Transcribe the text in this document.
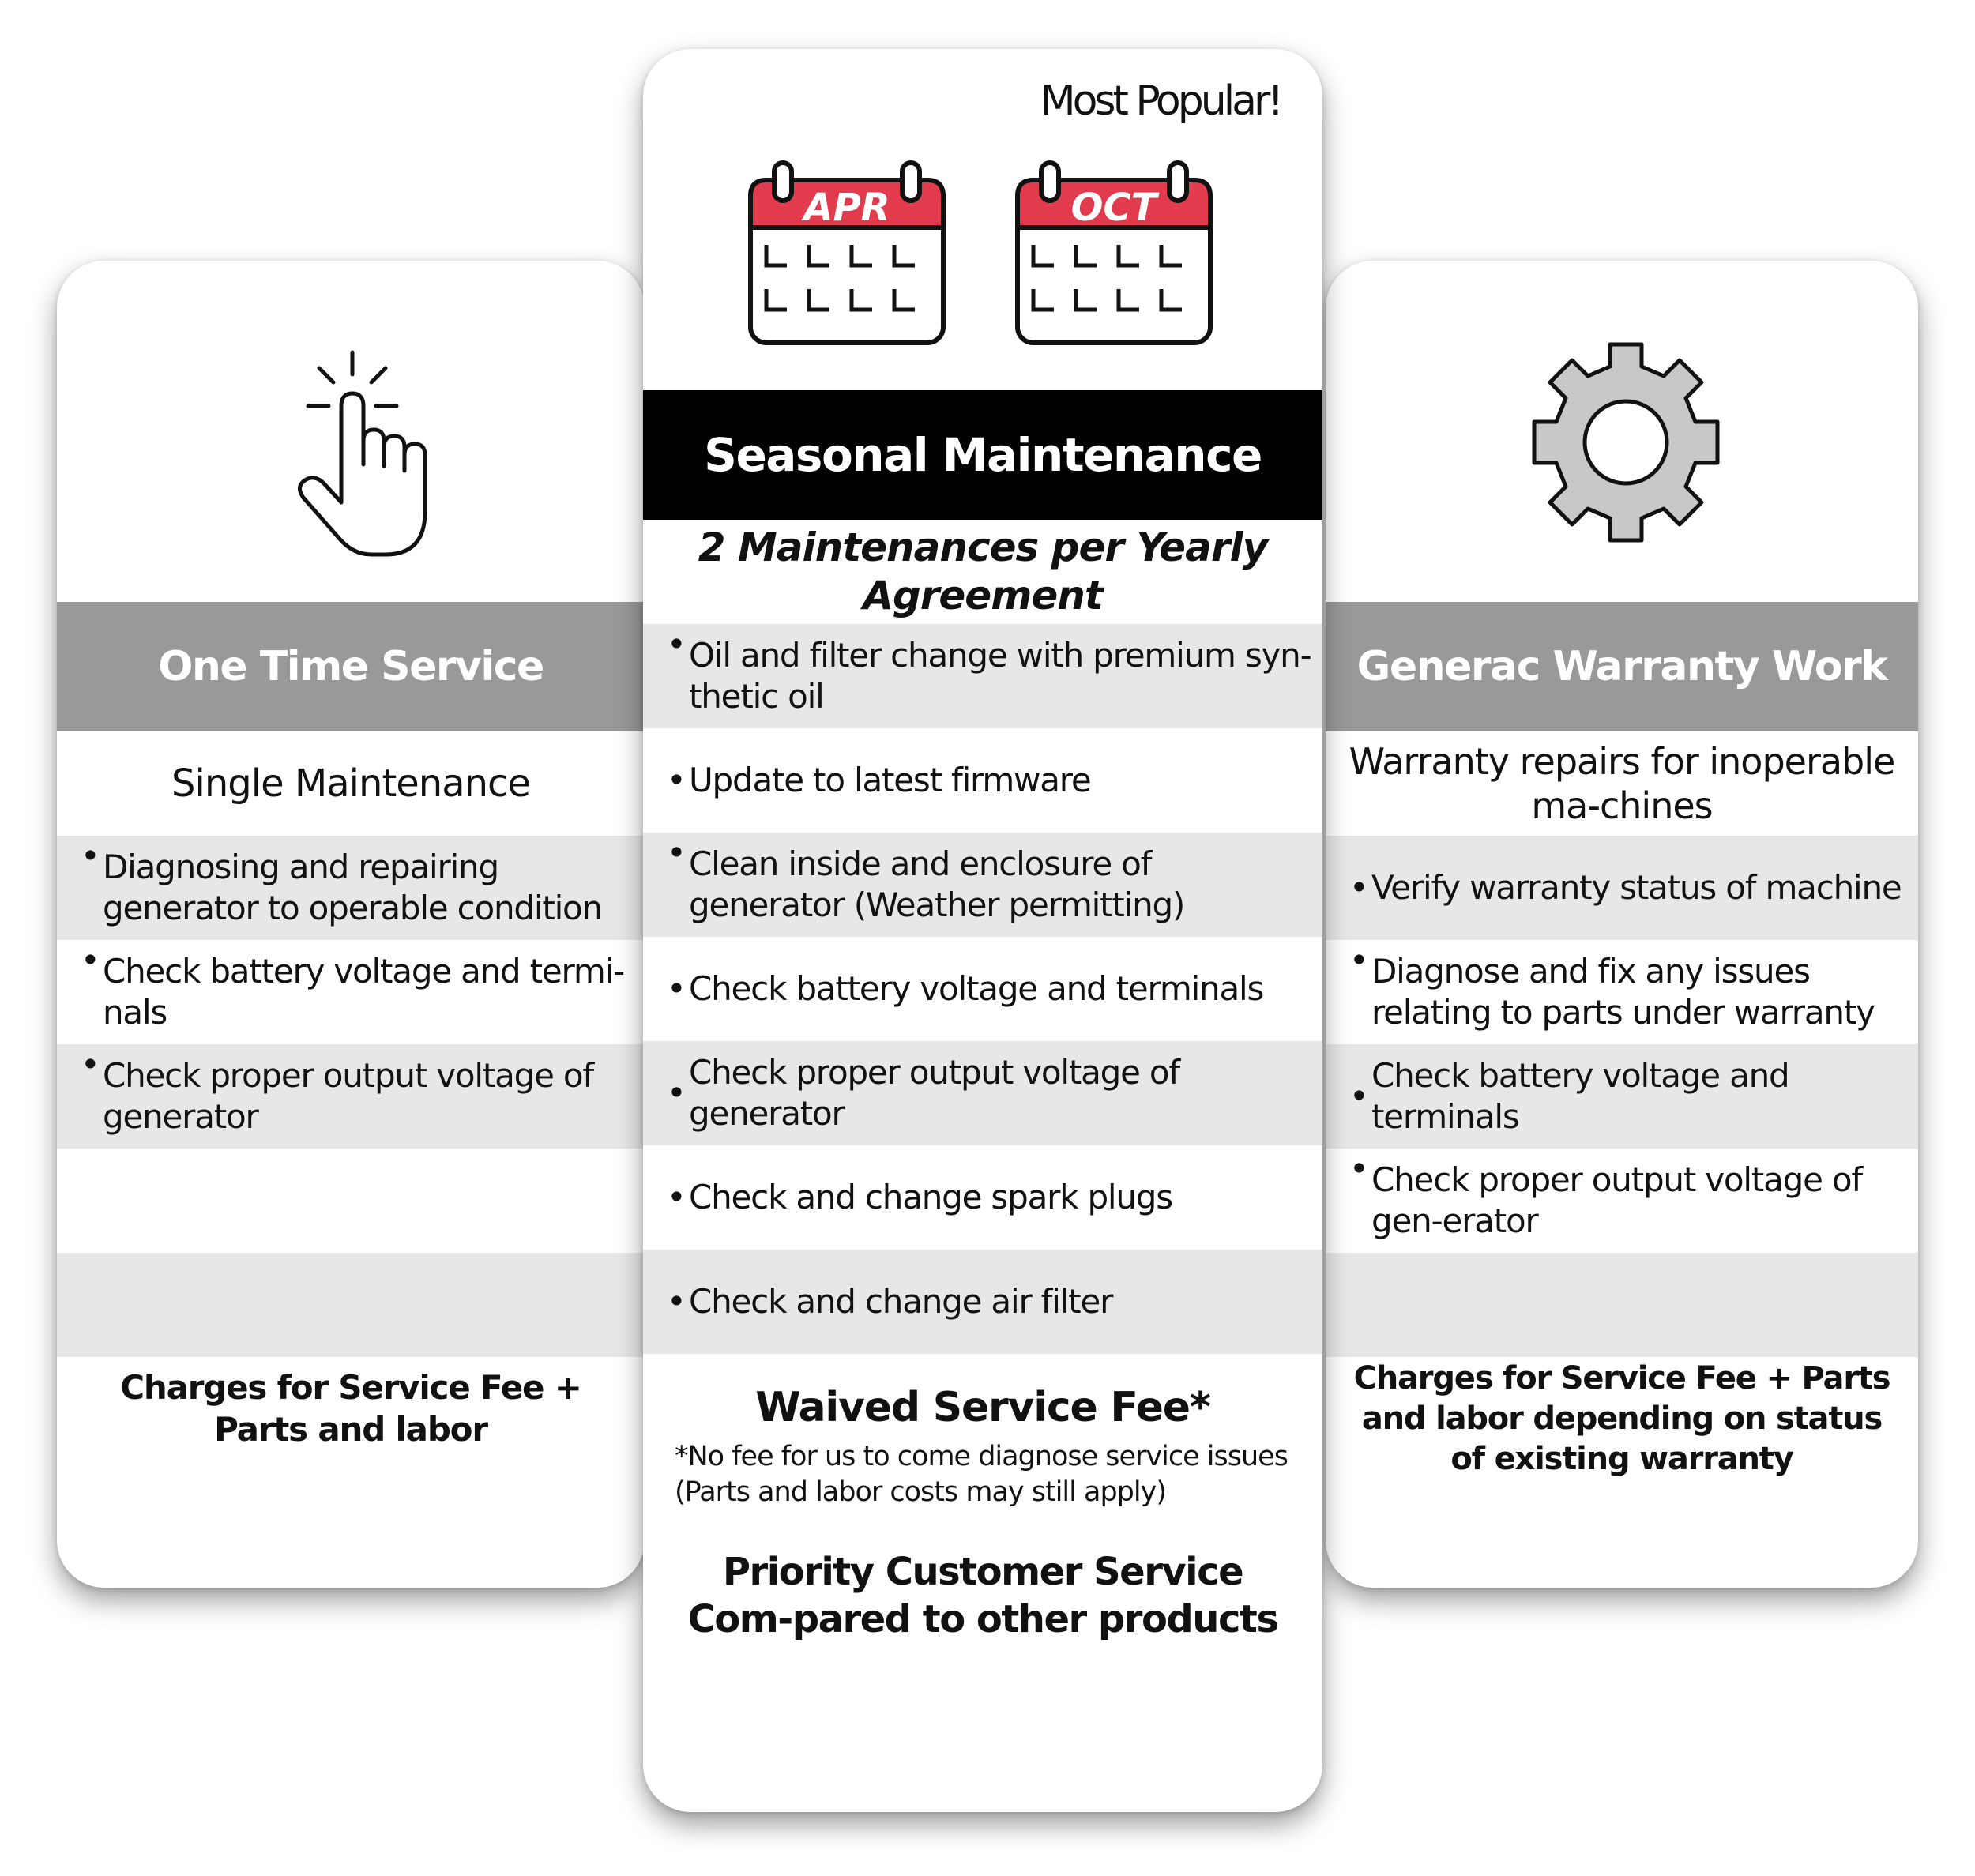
One Time Service
Single Maintenance
• Diagnosing and repairing generator to operable condition
• Check battery voltage and termi-nals
• Check proper output voltage of generator
Charges for Service Fee + Parts and labor
Generac Warranty Work
Warranty repairs for inoperable ma-chines
• Verify warranty status of machine
• Diagnose and fix any issues relating to parts under warranty
•
Check battery voltage and terminals
• Check proper output voltage of gen-erator
Charges for Service Fee + Parts and labor depending on status of existing warranty
Most Popular!
APR	OCT
Seasonal Maintenance
2 Maintenances per Yearly Agreement
• Oil and filter change with premium syn-thetic oil
• Update to latest firmware
• Clean inside and enclosure of generator (Weather permitting)
• Check battery voltage and terminals
•
Check proper output voltage of generator
• Check and change spark plugs
• Check and change air filter
Waived Service Fee*
*No fee for us to come diagnose service issues
(Parts and labor costs may still apply)
Priority Customer Service Com-pared to other products
